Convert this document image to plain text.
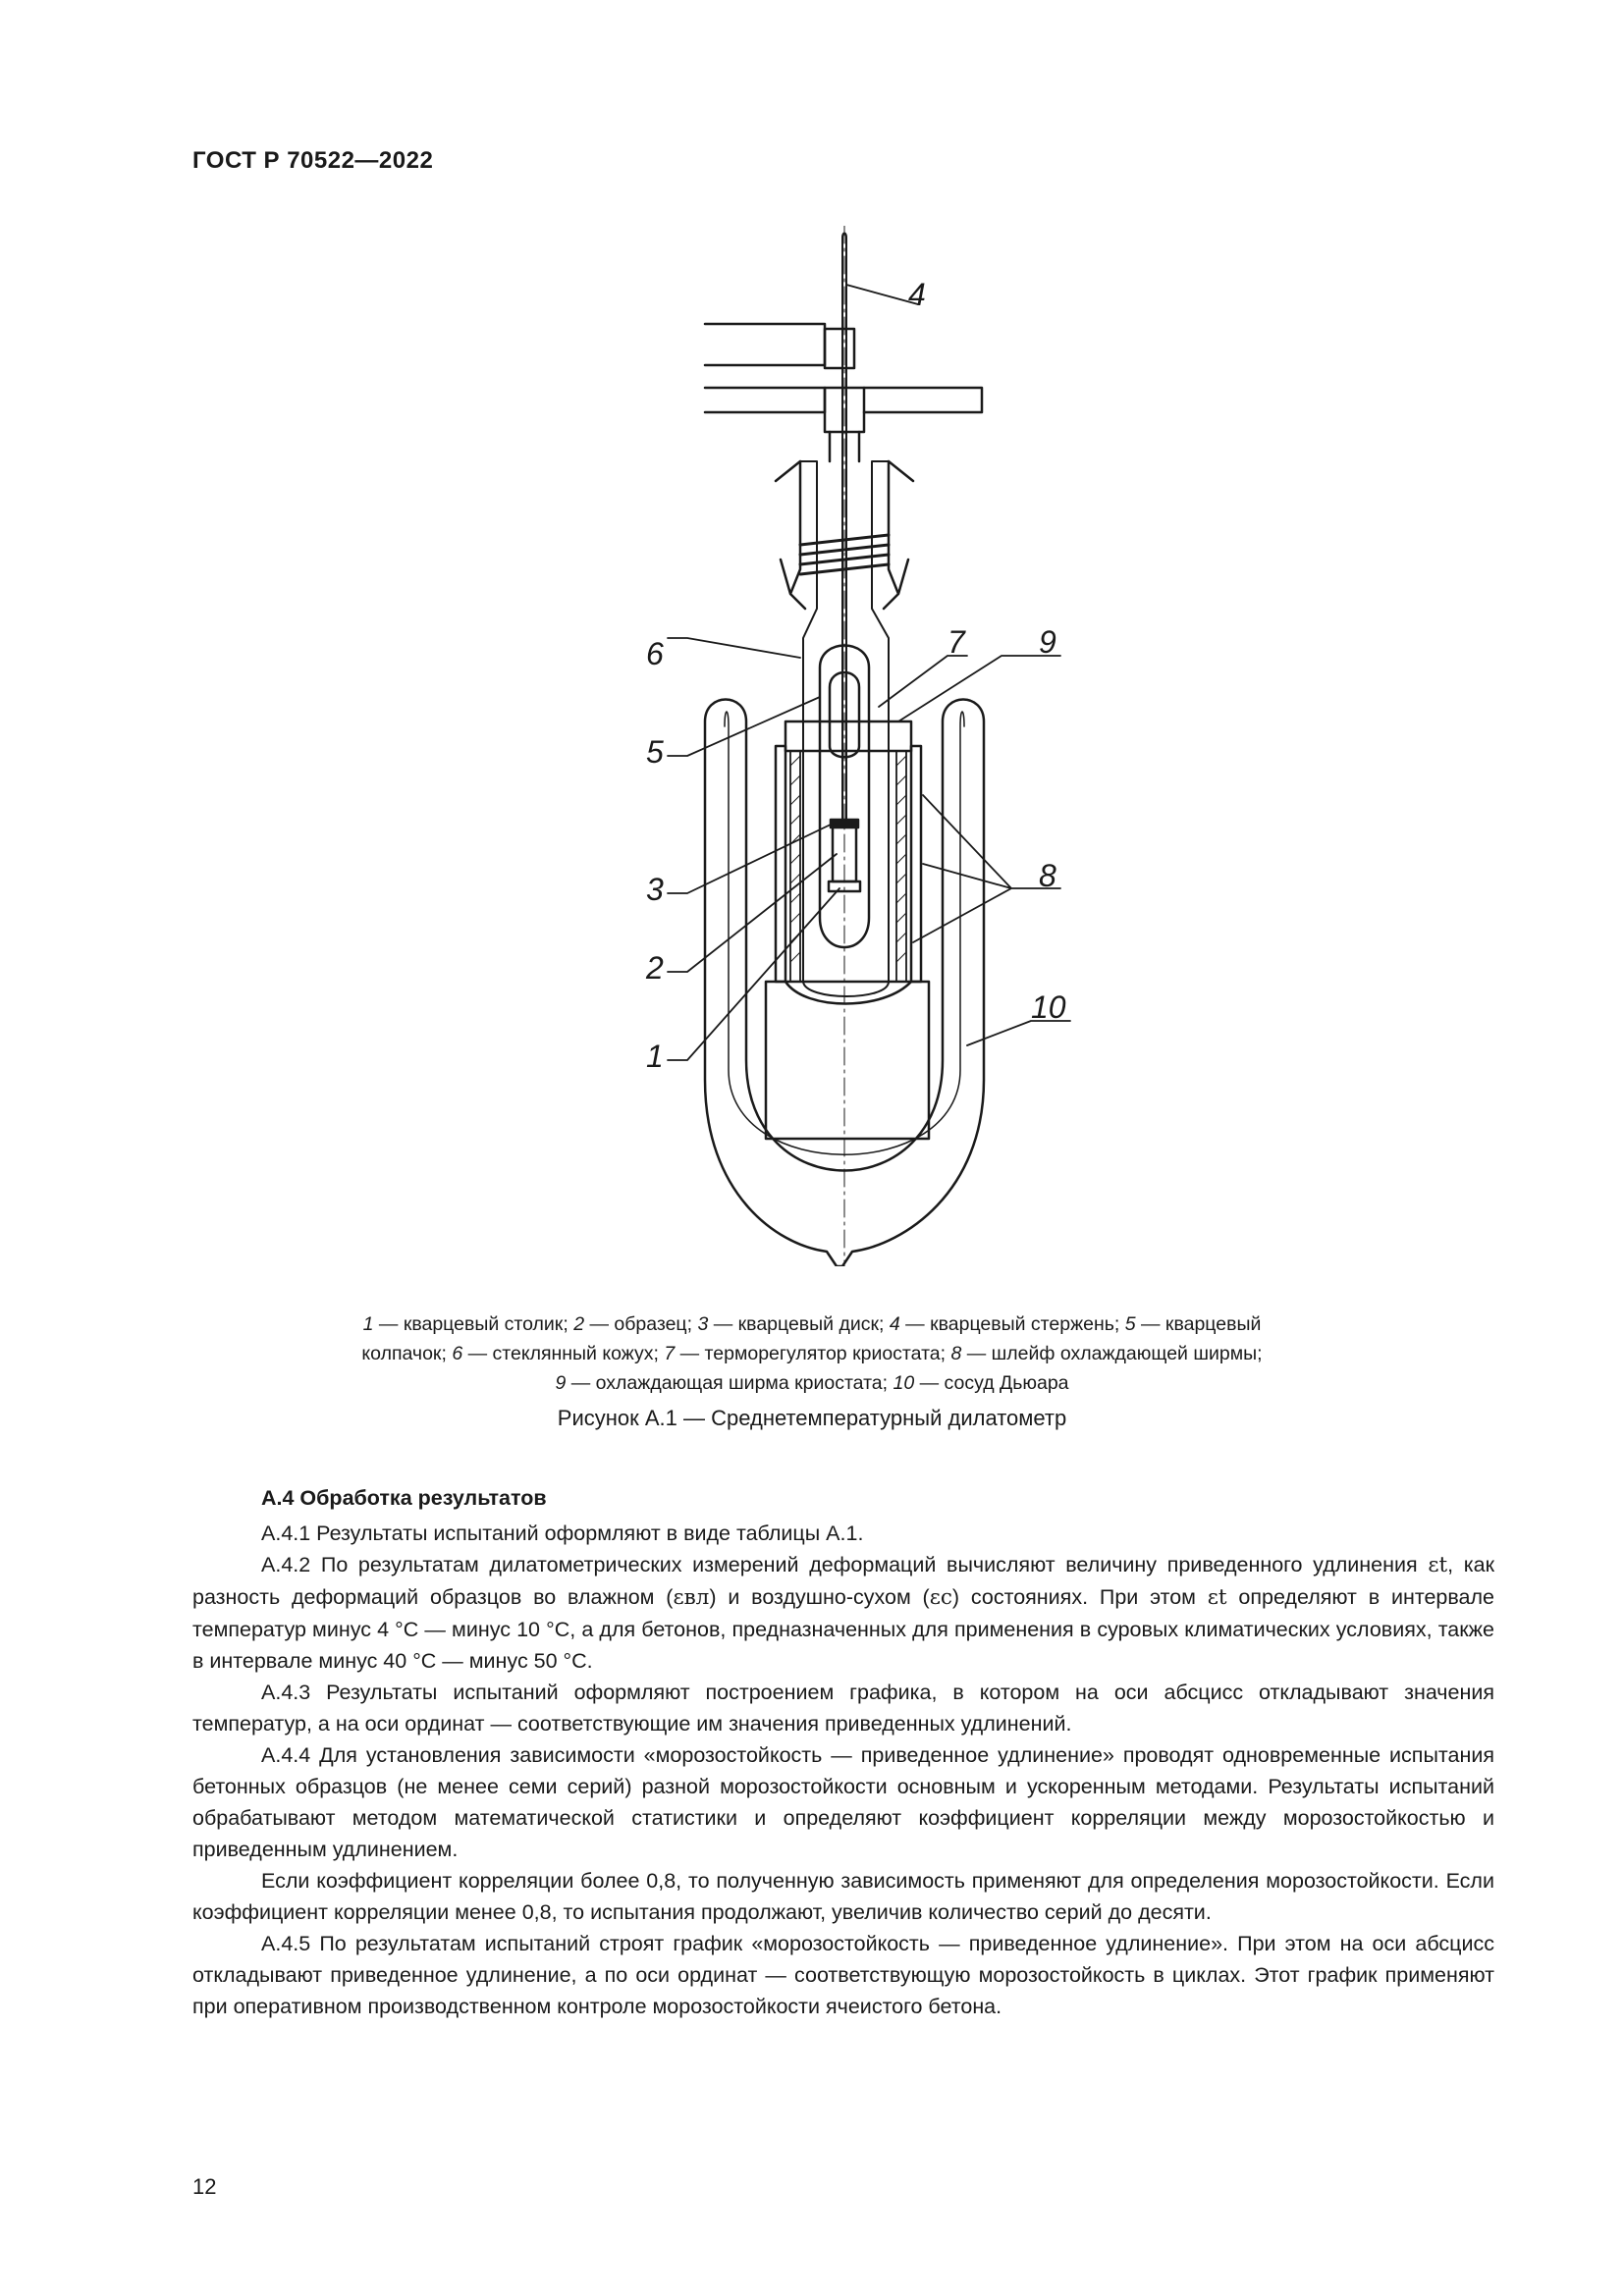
ГОСТ Р 70522—2022
4
6	7 9
5
3	8
2
1
10
1 — кварцевый столик; 2 — образец; 3 — кварцевый диск; 4 — кварцевый стержень; 5 — кварцевый
колпачок; 6 — стеклянный кожух; 7 — терморегулятор криостата; 8 — шлейф охлаждающей ширмы;
9 — охлаждающая ширма криостата; 10 — сосуд Дьюара
Рисунок А.1 — Среднетемпературный дилатометр
А.4 Обработка результатов

А.4.1 Результаты испытаний оформляют в виде таблицы А.1.

А.4.2 По результатам дилатометрических измерений деформаций вычисляют величину приведенного удлинения εt, как разность деформаций образцов во влажном (εвл) и воздушно-сухом (εc) состояниях. При этом εt определяют в интервале температур минус 4 °С — минус 10 °С, а для бетонов, предназначенных для применения в суровых климатических условиях, также в интервале минус 40 °С — минус 50 °С.

А.4.3 Результаты испытаний оформляют построением графика, в котором на оси абсцисс откладывают значения температур, а на оси ординат — соответствующие им значения приведенных удлинений.

А.4.4 Для установления зависимости «морозостойкость — приведенное удлинение» проводят одновременные испытания бетонных образцов (не менее семи серий) разной морозостойкости основным и ускоренным методами. Результаты испытаний обрабатывают методом математической статистики и определяют коэффициент корреляции между морозостойкостью и приведенным удлинением.

Если коэффициент корреляции более 0,8, то полученную зависимость применяют для определения морозостойкости. Если коэффициент корреляции менее 0,8, то испытания продолжают, увеличив количество серий до десяти.

А.4.5 По результатам испытаний строят график «морозостойкость — приведенное удлинение». При этом на оси абсцисс откладывают приведенное удлинение, а по оси ординат — соответствующую морозостойкость в циклах. Этот график применяют при оперативном производственном контроле морозостойкости ячеистого бетона.

12
